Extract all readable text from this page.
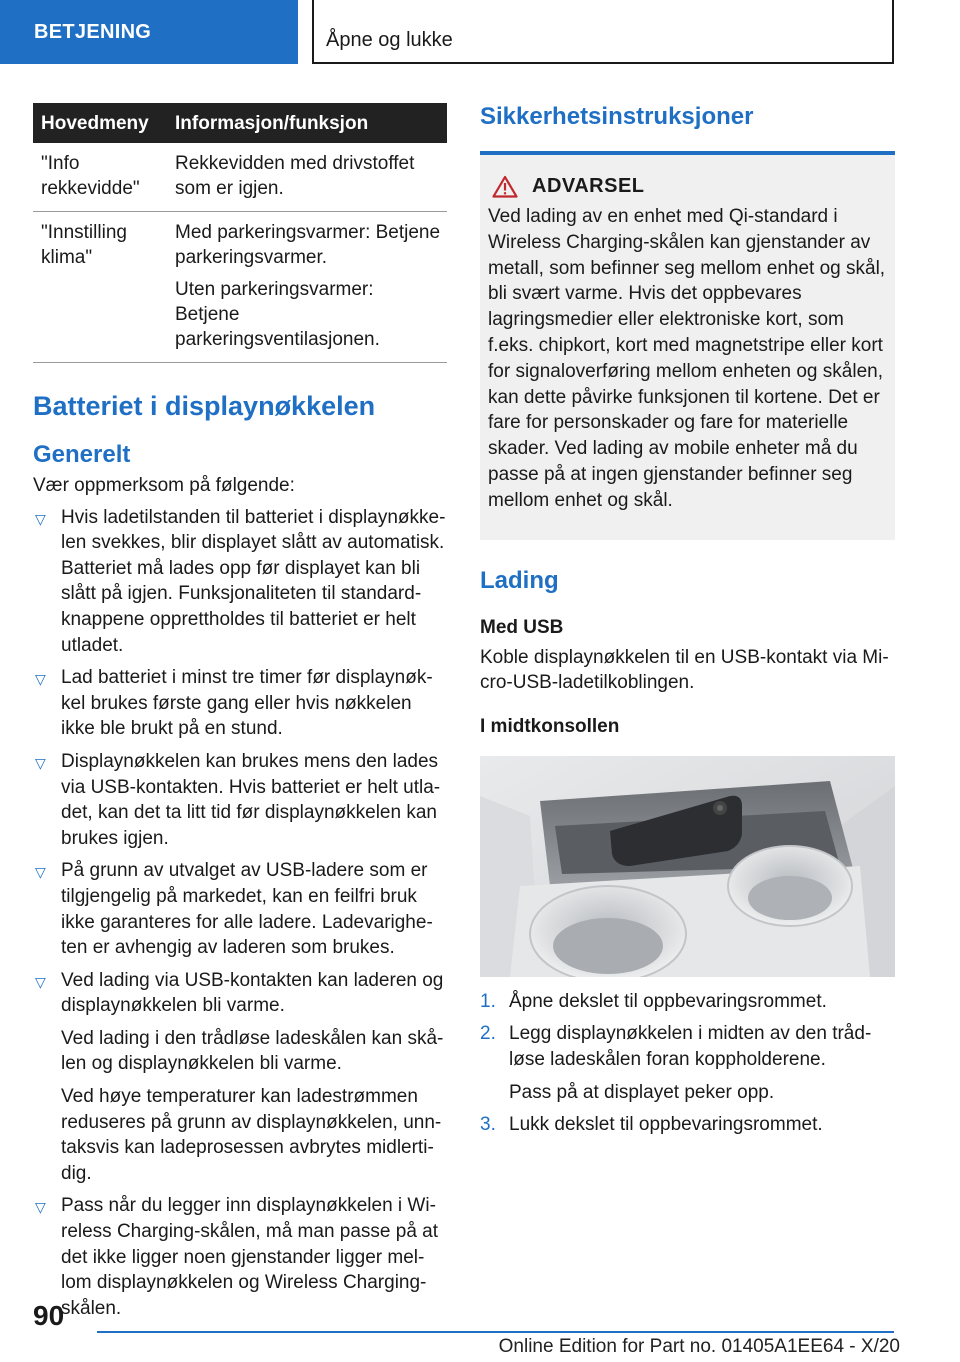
BETJENING	Åpne og lukke
Hovedmeny	Informasjon/funksjon
"Info rekkevidde"	Rekkevidden med drivstoffet som er igjen.

"Innstilling klima"	Med parkeringsvarmer: Betjene parkeringsvarmer.

Uten parkeringsvarmer: Betjene parkeringsventilasjonen.

Batteriet i displaynøkkelen
Generelt

Vær oppmerksom på følgende:

▽ Hvis ladetilstanden til batteriet i displaynøkkelen svekkes, blir displayet slått av automatisk. Batteriet må lades opp før displayet kan bli slått på igjen. Funksjonaliteten til standardknappene opprettholdes til batteriet er helt utladet.

▽ Lad batteriet i minst tre timer før displaynøkkel brukes første gang eller hvis nøkkelen ikke ble brukt på en stund.

▽ Displaynøkkelen kan brukes mens den lades via USB-kontakten. Hvis batteriet er helt utladet, kan det ta litt tid før displaynøkkelen kan brukes igjen.

▽ På grunn av utvalget av USB-ladere som er tilgjengelig på markedet, kan en feilfri bruk ikke garanteres for alle ladere. Ladevarigheten er avhengig av laderen som brukes.

▽ Ved lading via USB-kontakten kan laderen og displaynøkkelen bli varme.

Ved lading i den trådløse ladeskålen kan skålen og displaynøkkelen bli varme.

Ved høye temperaturer kan ladestrømmen reduseres på grunn av displaynøkkelen, unntaksvis kan ladeprosessen avbrytes midlertidig.

▽ Pass når du legger inn displaynøkkelen i Wireless Charging-skålen, må man passe på at det ikke ligger noen gjenstander ligger mellom displaynøkkelen og Wireless Charging-skålen.

Sikkerhetsinstruksjoner
ADVARSEL

Ved lading av en enhet med Qi-standard i Wireless Charging-skålen kan gjenstander av metall, som befinner seg mellom enhet og skål, bli svært varme. Hvis det oppbevares lagringsmedier eller elektroniske kort, som f.eks. chipkort, kort med magnetstripe eller kort for signaloverføring mellom enheten og skålen, kan dette påvirke funksjonen til kortene. Det er fare for personskader og fare for materielle skader. Ved lading av mobile enheter må du passe på at ingen gjenstander befinner seg mellom enhet og skål.

Lading
Med USB

Koble displaynøkkelen til en USB-kontakt via Micro-USB-ladetilkoblingen.

I midtkonsollen
1. Åpne dekslet til oppbevaringsrommet.

2. Legg displaynøkkelen i midten av den trådløse ladeskålen foran koppholderene.

Pass på at displayet peker opp.

3. Lukk dekslet til oppbevaringsrommet.

90
Online Edition for Part no. 01405A1EE64 - X/20
